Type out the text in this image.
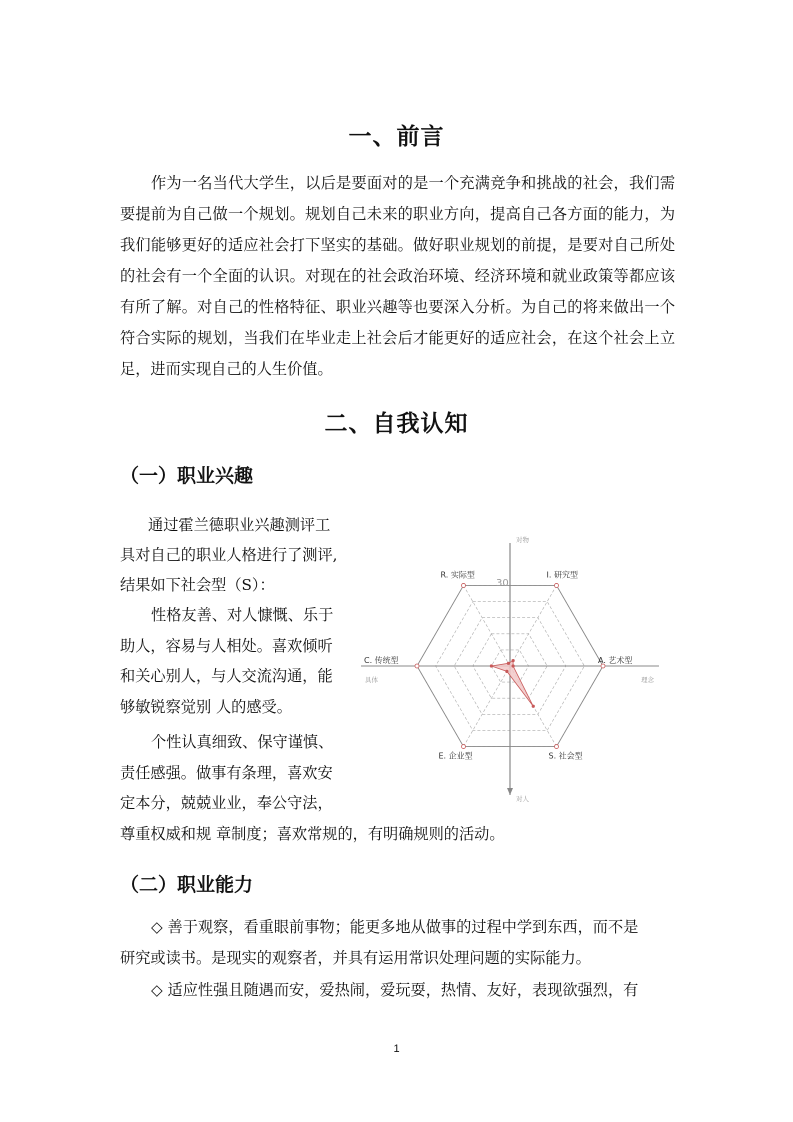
一、前言

作为一名当代大学生，以后是要面对的是一个充满竞争和挑战的社会，我们需要提前为自己做一个规划。规划自己未来的职业方向，提高自己各方面的能力，为我们能够更好的适应社会打下坚实的基础。做好职业规划的前提，是要对自己所处的社会有一个全面的认识。对现在的社会政治环境、经济环境和就业政策等都应该有所了解。对自己的性格特征、职业兴趣等也要深入分析。为自己的将来做出一个符合实际的规划，当我们在毕业走上社会后才能更好的适应社会，在这个社会上立足，进而实现自己的人生价值。

二、自我认知
（一）职业兴趣

通过霍兰德职业兴趣测评工

具对自己的职业人格进行了测评,

结果如下社会型（S）：

性格友善、对人慷慨、乐于

助人，容易与人相处。喜欢倾听

和关心别人，与人交流沟通，能

够敏锐察觉别 人的感受。

个性认真细致、保守谨慎、

责任感强。做事有条理，喜欢安

定本分，兢兢业业，奉公守法，

尊重权威和规 章制度；喜欢常规的，有明确规则的活动。

对物
对人
具体	理念
30
R. 实际型	I. 研究型
A. 艺术型
S. 社会型
E. 企业型
C. 传统型
（二）职业能力

◇ 善于观察，看重眼前事物；能更多地从做事的过程中学到东西，而不是

研究或读书。是现实的观察者，并具有运用常识处理问题的实际能力。

◇ 适应性强且随遇而安，爱热闹，爱玩耍，热情、友好，表现欲强烈，有

1
